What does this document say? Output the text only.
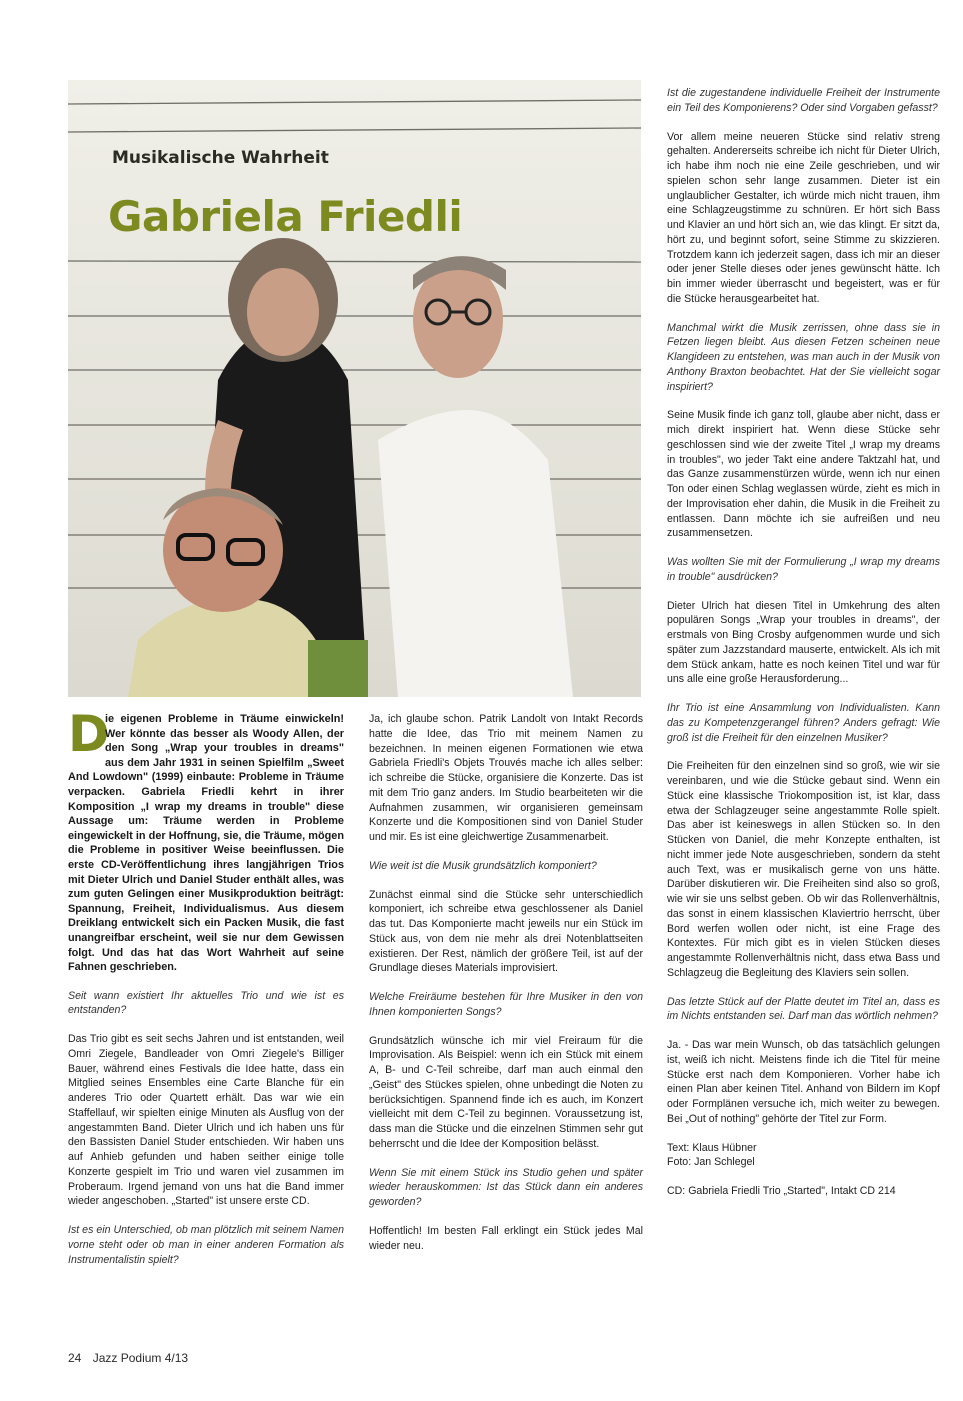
Musikalische Wahrheit
Gabriela Friedli

D
ie eigenen Probleme in Träume einwickeln! Wer könnte das besser als Woody Allen, der den Song „Wrap your troubles in dreams" aus dem Jahr 1931 in seinen Spielfilm „Sweet And Lowdown" (1999) einbaute: Probleme in Träume verpacken. Gabriela Friedli kehrt in ihrer Komposition „I wrap my dreams in trouble" diese Aussage um: Träume werden in Probleme eingewickelt in der Hoffnung, sie, die Träume, mögen die Probleme in positiver Weise beeinflussen. Die erste CD-Veröffentlichung ihres langjährigen Trios mit Dieter Ulrich und Daniel Studer enthält alles, was zum guten Gelingen einer Musikproduktion beiträgt: Spannung, Freiheit, Individualismus. Aus diesem Dreiklang entwickelt sich ein Packen Musik, die fast unangreifbar erscheint, weil sie nur dem Gewissen folgt. Und das hat das Wort Wahrheit auf seine Fahnen geschrieben.

Seit wann existiert Ihr aktuelles Trio und wie ist es entstanden?

Das Trio gibt es seit sechs Jahren und ist entstanden, weil Omri Ziegele, Bandleader von Omri Ziegele's Billiger Bauer, während eines Festivals die Idee hatte, dass ein Mitglied seines Ensembles eine Carte Blanche für ein anderes Trio oder Quartett erhält. Das war wie ein Staffellauf, wir spielten einige Minuten als Ausflug von der angestammten Band. Dieter Ulrich und ich haben uns für den Bassisten Daniel Studer entschieden. Wir haben uns auf Anhieb gefunden und haben seither einige tolle Konzerte gespielt im Trio und waren viel zusammen im Proberaum. Irgend jemand von uns hat die Band immer wieder angeschoben. „Started" ist unsere erste CD.

Ist es ein Unterschied, ob man plötzlich mit seinem Namen vorne steht oder ob man in einer anderen Formation als Instrumentalistin spielt?

Ja, ich glaube schon. Patrik Landolt von Intakt Records hatte die Idee, das Trio mit meinem Namen zu bezeichnen. In meinen eigenen Formationen wie etwa Gabriela Friedli's Objets Trouvés mache ich alles selber: ich schreibe die Stücke, organisiere die Konzerte. Das ist mit dem Trio ganz anders. Im Studio bearbeiteten wir die Aufnahmen zusammen, wir organisieren gemeinsam Konzerte und die Kompositionen sind von Daniel Studer und mir. Es ist eine gleichwertige Zusammenarbeit.

Wie weit ist die Musik grundsätzlich komponiert?

Zunächst einmal sind die Stücke sehr unterschiedlich komponiert, ich schreibe etwa geschlossener als Daniel das tut. Das Komponierte macht jeweils nur ein Stück im Stück aus, von dem nie mehr als drei Notenblattseiten existieren. Der Rest, nämlich der größere Teil, ist auf der Grundlage dieses Materials improvisiert.

Welche Freiräume bestehen für Ihre Musiker in den von Ihnen komponierten Songs?

Grundsätzlich wünsche ich mir viel Freiraum für die Improvisation. Als Beispiel: wenn ich ein Stück mit einem A, B- und C-Teil schreibe, darf man auch einmal den „Geist" des Stückes spielen, ohne unbedingt die Noten zu berücksichtigen. Spannend finde ich es auch, im Konzert vielleicht mit dem C-Teil zu beginnen. Voraussetzung ist, dass man die Stücke und die einzelnen Stimmen sehr gut beherrscht und die Idee der Komposition belässt.

Wenn Sie mit einem Stück ins Studio gehen und später wieder herauskommen: Ist das Stück dann ein anderes geworden?

Hoffentlich! Im besten Fall erklingt ein Stück jedes Mal wieder neu.

Ist die zugestandene individuelle Freiheit der Instrumente ein Teil des Komponierens? Oder sind Vorgaben gefasst?

Vor allem meine neueren Stücke sind relativ streng gehalten. Andererseits schreibe ich nicht für Dieter Ulrich, ich habe ihm noch nie eine Zeile geschrieben, und wir spielen schon sehr lange zusammen. Dieter ist ein unglaublicher Gestalter, ich würde mich nicht trauen, ihm eine Schlagzeugstimme zu schnüren. Er hört sich Bass und Klavier an und hört sich an, wie das klingt. Er sitzt da, hört zu, und beginnt sofort, seine Stimme zu skizzieren. Trotzdem kann ich jederzeit sagen, dass ich mir an dieser oder jener Stelle dieses oder jenes gewünscht hätte. Ich bin immer wieder überrascht und begeistert, was er für die Stücke herausgearbeitet hat.

Manchmal wirkt die Musik zerrissen, ohne dass sie in Fetzen liegen bleibt. Aus diesen Fetzen scheinen neue Klangideen zu entstehen, was man auch in der Musik von Anthony Braxton beobachtet. Hat der Sie vielleicht sogar inspiriert?

Seine Musik finde ich ganz toll, glaube aber nicht, dass er mich direkt inspiriert hat. Wenn diese Stücke sehr geschlossen sind wie der zweite Titel „I wrap my dreams in troubles", wo jeder Takt eine andere Taktzahl hat, und das Ganze zusammenstürzen würde, wenn ich nur einen Ton oder einen Schlag weglassen würde, zieht es mich in der Improvisation eher dahin, die Musik in die Freiheit zu entlassen. Dann möchte ich sie aufreißen und neu zusammensetzen.

Was wollten Sie mit der Formulierung „I wrap my dreams in trouble" ausdrücken?

Dieter Ulrich hat diesen Titel in Umkehrung des alten populären Songs „Wrap your troubles in dreams", der erstmals von Bing Crosby aufgenommen wurde und sich später zum Jazzstandard mauserte, entwickelt. Als ich mit dem Stück ankam, hatte es noch keinen Titel und war für uns alle eine große Herausforderung...

Ihr Trio ist eine Ansammlung von Individualisten. Kann das zu Kompetenzgerangel führen? Anders gefragt: Wie groß ist die Freiheit für den einzelnen Musiker?

Die Freiheiten für den einzelnen sind so groß, wie wir sie vereinbaren, und wie die Stücke gebaut sind. Wenn ein Stück eine klassische Triokomposition ist, ist klar, dass etwa der Schlagzeuger seine angestammte Rolle spielt. Das aber ist keineswegs in allen Stücken so. In den Stücken von Daniel, die mehr Konzepte enthalten, ist nicht immer jede Note ausgeschrieben, sondern da steht auch Text, was er musikalisch gerne von uns hätte. Darüber diskutieren wir. Die Freiheiten sind also so groß, wie wir sie uns selbst geben. Ob wir das Rollenverhältnis, das sonst in einem klassischen Klaviertrio herrscht, über Bord werfen wollen oder nicht, ist eine Frage des Kontextes. Für mich gibt es in vielen Stücken dieses angestammte Rollenverhältnis nicht, dass etwa Bass und Schlagzeug die Begleitung des Klaviers sein sollen.

Das letzte Stück auf der Platte deutet im Titel an, dass es im Nichts entstanden sei. Darf man das wörtlich nehmen?

Ja. - Das war mein Wunsch, ob das tatsächlich gelungen ist, weiß ich nicht. Meistens finde ich die Titel für meine Stücke erst nach dem Komponieren. Vorher habe ich einen Plan aber keinen Titel. Anhand von Bildern im Kopf oder Formplänen versuche ich, mich weiter zu bewegen. Bei „Out of nothing" gehörte der Titel zur Form.

Text: Klaus Hübner

Foto: Jan Schlegel

CD: Gabriela Friedli Trio „Started", Intakt CD 214

24 Jazz Podium 4/13
